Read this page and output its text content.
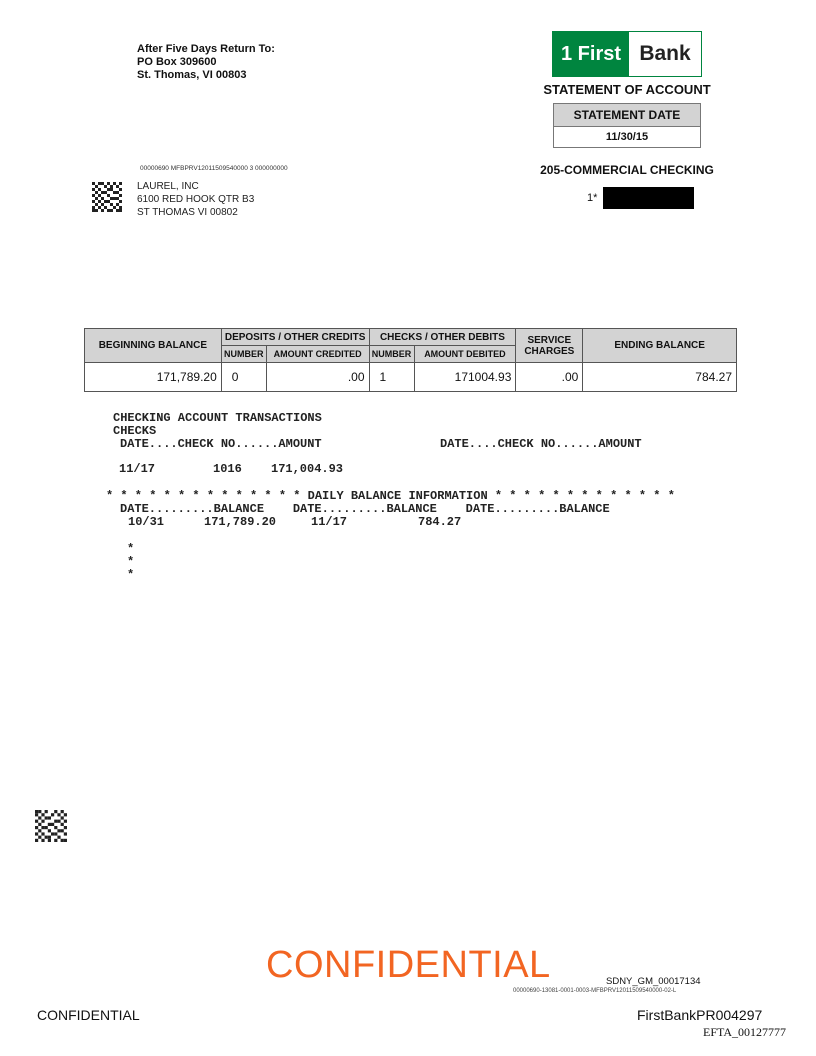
After Five Days Return To:
PO Box 309600
St. Thomas, VI 00803
1 First Bank
STATEMENT OF ACCOUNT
STATEMENT DATE
11/30/15
205-COMMERCIAL CHECKING
1*
00000690 MFBPRV12011509540000 3 000000000
LAUREL, INC
6100 RED HOOK QTR B3
ST THOMAS VI 00802
BEGINNING BALANCE	DEPOSITS / OTHER CREDITS		CHECKS / OTHER DEBITS		SERVICE CHARGES	ENDING BALANCE
	NUMBER	AMOUNT CREDITED	NUMBER	AMOUNT DEBITED		
171,789.20	0	.00	1	171004.93	.00	784.27
CHECKING ACCOUNT TRANSACTIONS
CHECKS
DATE....CHECK NO......AMOUNT	DATE....CHECK NO......AMOUNT
11/17	1016 171,004.93
* * * * * * * * * * * * * * DAILY BALANCE INFORMATION * * * * * * * * * * * * *
DATE.........BALANCE    DATE.........BALANCE    DATE.........BALANCE
10/31	171,789.20	11/17	784.27
*
*
*
CONFIDENTIAL	SDNY_GM_00017134
00000690-13081-0001-0003-MFBPRV12011509540000-02-L
CONFIDENTIAL	FirstBankPR004297
EFTA_00127777
